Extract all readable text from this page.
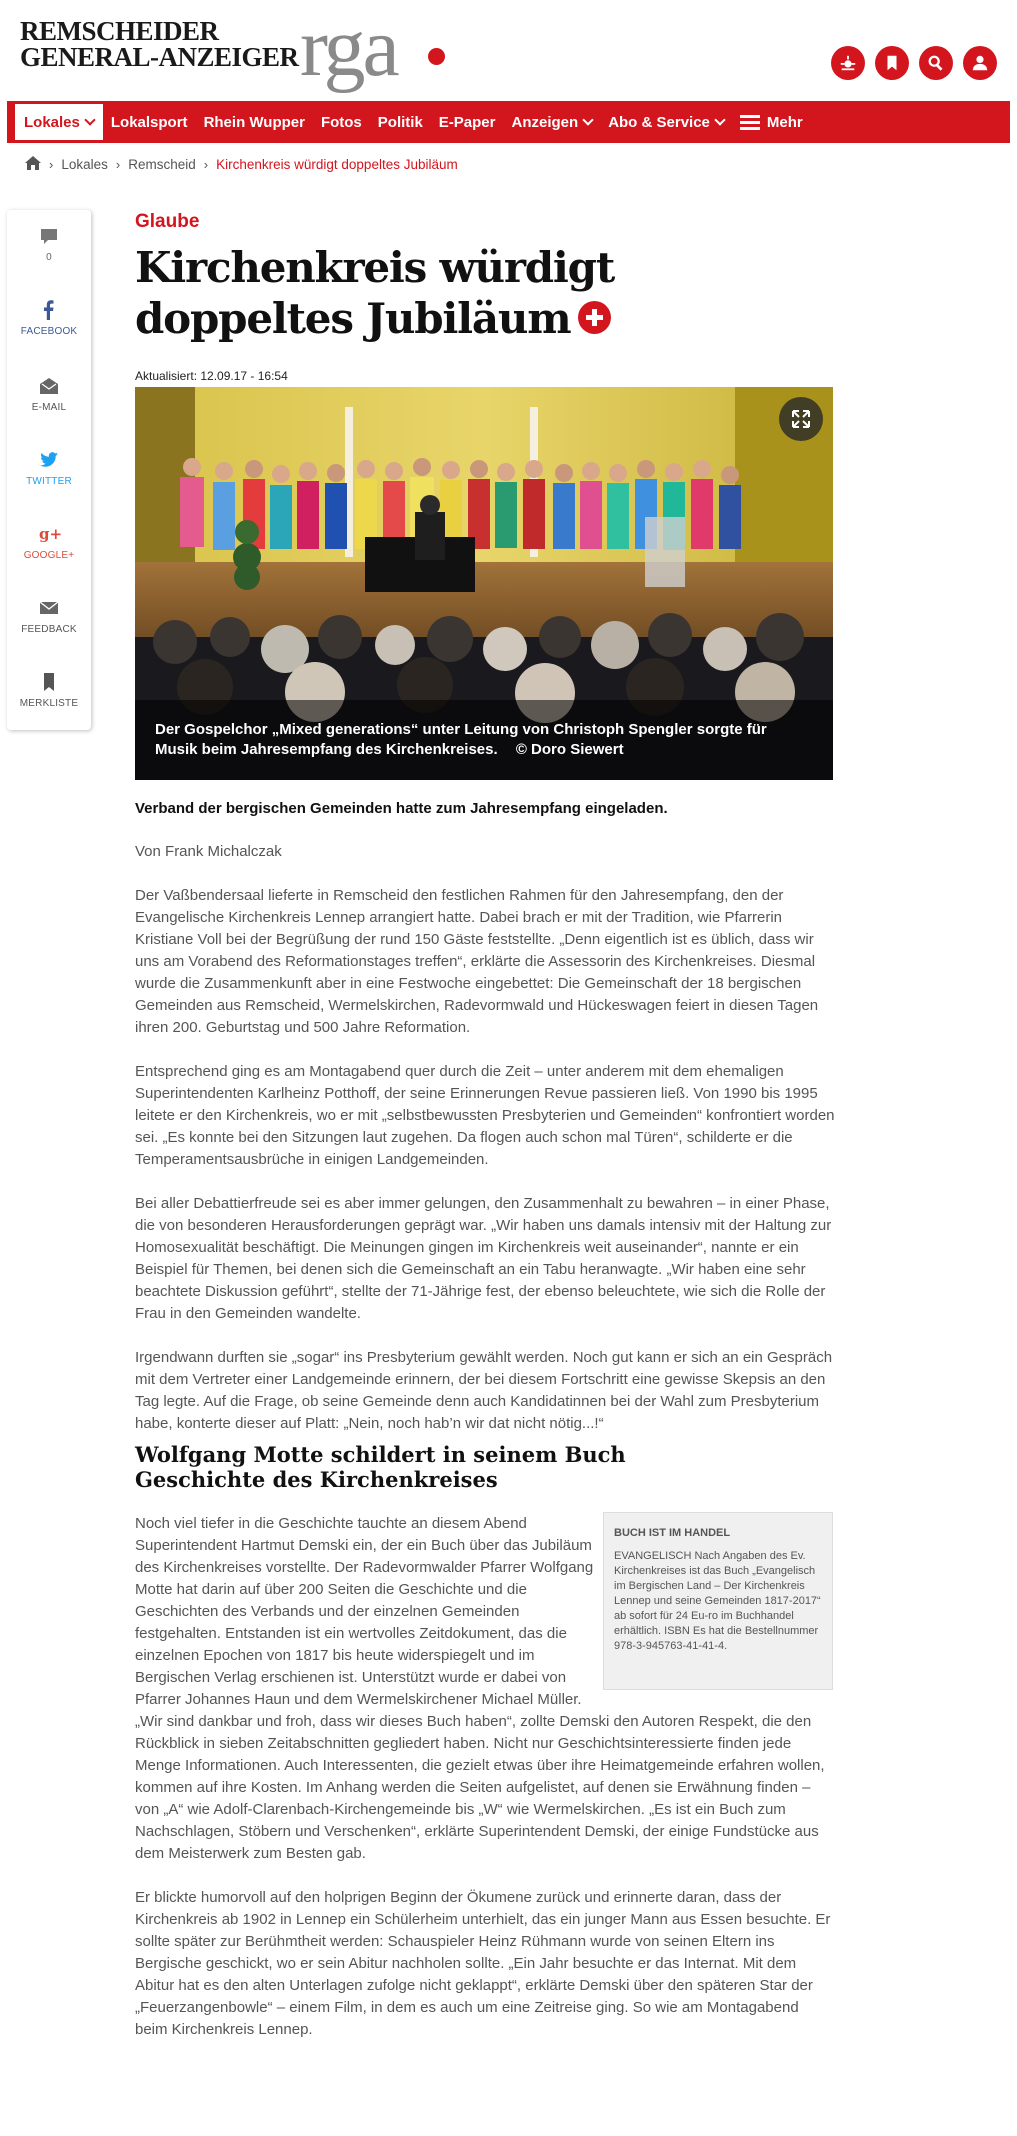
REMSCHEIDER
GENERAL-ANZEIGER rga
Lokales Lokalsport Rhein Wupper Fotos Politik E-Paper Anzeigen Abo & Service	Mehr
› Lokales › Remscheid › Kirchenkreis würdigt doppeltes Jubiläum
0
FACEBOOK
E-MAIL
TWITTER
g+
GOOGLE+
FEEDBACK
MERKLISTE
Glaube
Kirchenkreis würdigt
doppeltes Jubiläum
Aktualisiert: 12.09.17 - 16:54
Der Gospelchor „Mixed generations“ unter Leitung von Christoph Spengler sorgte für Musik beim Jahresempfang des Kirchenkreises. © Doro Siewert
Verband der bergischen Gemeinden hatte zum Jahresempfang eingeladen.
Von Frank Michalczak

Der Vaßbendersaal lieferte in Remscheid den festlichen Rahmen für den Jahresempfang, den der Evangelische Kirchenkreis Lennep arrangiert hatte. Dabei brach er mit der Tradition, wie Pfarrerin Kristiane Voll bei der Begrüßung der rund 150 Gäste feststellte. „Denn eigentlich ist es üblich, dass wir uns am Vorabend des Reformationstages treffen“, erklärte die Assessorin des Kirchenkreises. Diesmal wurde die Zusammenkunft aber in eine Festwoche eingebettet: Die Gemeinschaft der 18 bergischen Gemeinden aus Remscheid, Wermelskirchen, Radevormwald und Hückeswagen feiert in diesen Tagen ihren 200. Geburtstag und 500 Jahre Reformation.

Entsprechend ging es am Montagabend quer durch die Zeit – unter anderem mit dem ehemaligen Superintendenten Karlheinz Potthoff, der seine Erinnerungen Revue passieren ließ. Von 1990 bis 1995 leitete er den Kirchenkreis, wo er mit „selbstbewussten Presbyterien und Gemeinden“ konfrontiert worden sei. „Es konnte bei den Sitzungen laut zugehen. Da flogen auch schon mal Türen“, schilderte er die Temperamentsausbrüche in einigen Landgemeinden.

Bei aller Debattierfreude sei es aber immer gelungen, den Zusammenhalt zu bewahren – in einer Phase, die von besonderen Herausforderungen geprägt war. „Wir haben uns damals intensiv mit der Haltung zur Homosexualität beschäftigt. Die Meinungen gingen im Kirchenkreis weit auseinander“, nannte er ein Beispiel für Themen, bei denen sich die Gemeinschaft an ein Tabu heranwagte. „Wir haben eine sehr beachtete Diskussion geführt“, stellte der 71-Jährige fest, der ebenso beleuchtete, wie sich die Rolle der Frau in den Gemeinden wandelte.

Irgendwann durften sie „sogar“ ins Presbyterium gewählt werden. Noch gut kann er sich an ein Gespräch mit dem Vertreter einer Landgemeinde erinnern, der bei diesem Fortschritt eine gewisse Skepsis an den Tag legte. Auf die Frage, ob seine Gemeinde denn auch Kandidatinnen bei der Wahl zum Presbyterium habe, konterte dieser auf Platt: „Nein, noch hab’n wir dat nicht nötig...!“

Wolfgang Motte schildert in seinem Buch Geschichte des Kirchenkreises
Noch viel tiefer in die Geschichte tauchte an diesem Abend Superintendent Hartmut Demski ein, der ein Buch über das Jubiläum des Kirchenkreises vorstellte. Der Radevormwalder Pfarrer Wolfgang Motte hat darin auf über 200 Seiten die Geschichte und die Geschichten des Verbands und der einzelnen Gemeinden festgehalten. Entstanden ist ein wertvolles Zeitdokument, das die einzelnen Epochen von 1817 bis heute widerspiegelt und im Bergischen Verlag erschienen ist. Unterstützt wurde er dabei von Pfarrer Johannes Haun und dem Wermelskirchener Michael Müller. „Wir sind dankbar und froh, dass wir dieses Buch haben“, zollte Demski den Autoren Respekt, die den Rückblick in sieben Zeitabschnitten gegliedert haben. Nicht nur Geschichtsinteressierte finden jede Menge Informationen. Auch Interessenten, die gezielt etwas über ihre Heimatgemeinde erfahren wollen, kommen auf ihre Kosten. Im Anhang werden die Seiten aufgelistet, auf denen sie Erwähnung finden – von „A“ wie Adolf-Clarenbach-Kirchengemeinde bis „W“ wie Wermelskirchen. „Es ist ein Buch zum Nachschlagen, Stöbern und Verschenken“, erklärte Superintendent Demski, der einige Fundstücke aus dem Meisterwerk zum Besten gab.
Er blickte humorvoll auf den holprigen Beginn der Ökumene zurück und erinnerte daran, dass der Kirchenkreis ab 1902 in Lennep ein Schülerheim unterhielt, das ein junger Mann aus Essen besuchte. Er sollte später zur Berühmtheit werden: Schauspieler Heinz Rühmann wurde von seinen Eltern ins Bergische geschickt, wo er sein Abitur nachholen sollte. „Ein Jahr besuchte er das Internat. Mit dem Abitur hat es den alten Unterlagen zufolge nicht geklappt“, erklärte Demski über den späteren Star der „Feuerzangenbowle“ – einem Film, in dem es auch um eine Zeitreise ging. So wie am Montagabend beim Kirchenkreis Lennep.
BUCH IST IM HANDEL
EVANGELISCH Nach Angaben des Ev. Kirchenkreises ist das Buch „Evangelisch im Bergischen Land – Der Kirchenkreis Lennep und seine Gemeinden 1817-2017“ ab sofort für 24 Eu-ro im Buchhandel erhältlich. ISBN Es hat die Bestellnummer 978-3-945763-41-41-4.
